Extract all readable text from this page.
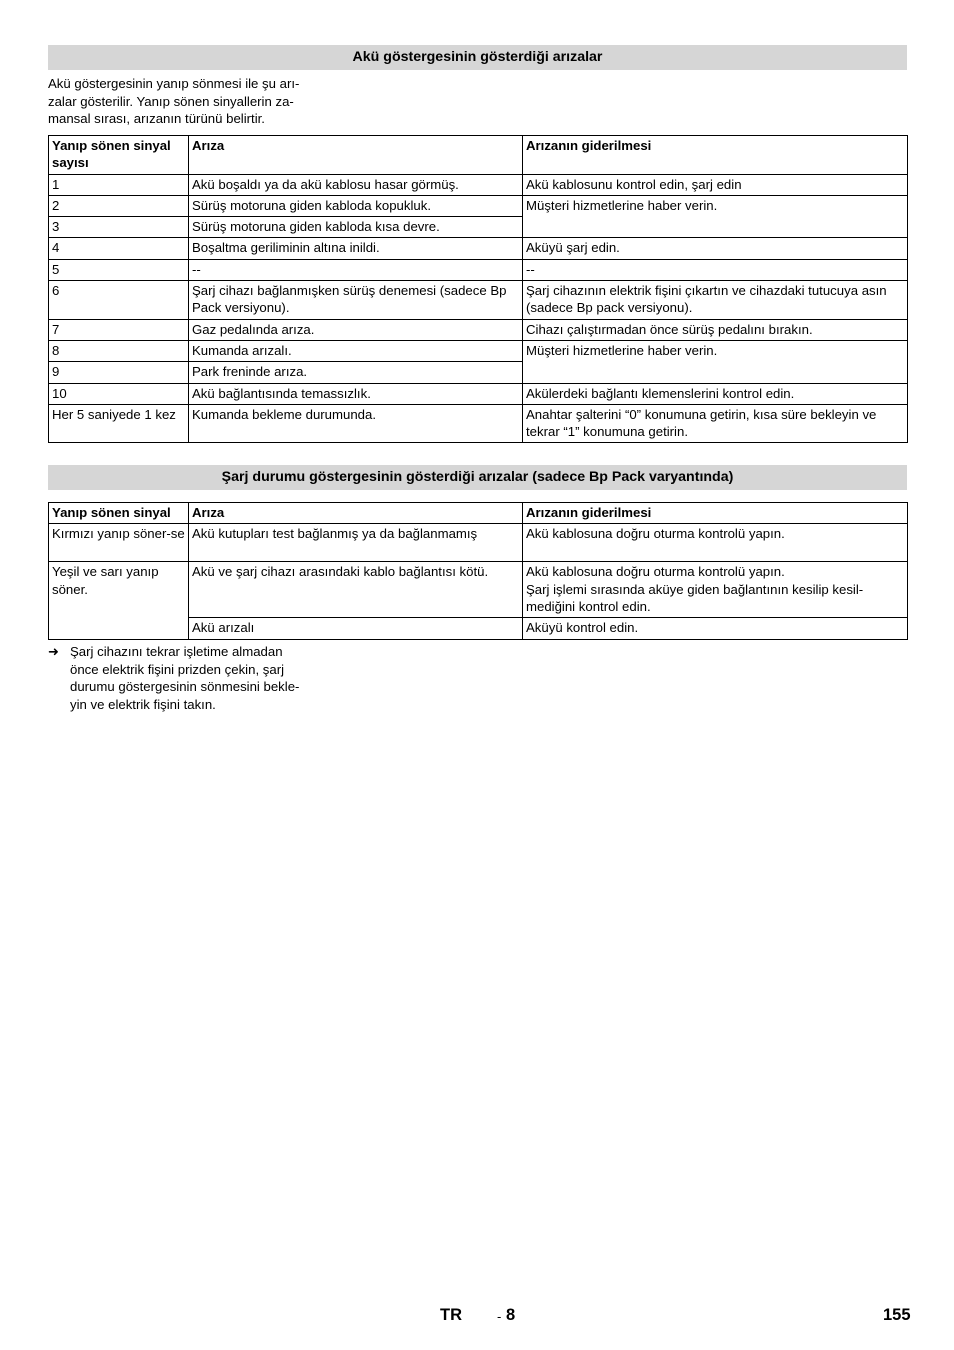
Akü göstergesinin gösterdiği arızalar
Akü göstergesinin yanıp sönmesi ile şu arı-
zalar gösterilir. Yanıp sönen sinyallerin za-
mansal sırası, arızanın türünü belirtir.
Yanıp sönen sinyal sayısı	Arıza	Arızanın giderilmesi
1	Akü boşaldı ya da akü kablosu hasar görmüş.	Akü kablosunu kontrol edin, şarj edin
2	Sürüş motoruna giden kabloda kopukluk.	Müşteri hizmetlerine haber verin.
3	Sürüş motoruna giden kabloda kısa devre.	
4	Boşaltma geriliminin altına inildi.	Aküyü şarj edin.
5	--	--
6	Şarj cihazı bağlanmışken sürüş denemesi (sadece Bp Pack versiyonu).	Şarj cihazının elektrik fişini çıkartın ve cihazdaki tutucuya asın (sadece Bp pack versiyonu).
7	Gaz pedalında arıza.	Cihazı çalıştırmadan önce sürüş pedalını bırakın.
8	Kumanda arızalı.	Müşteri hizmetlerine haber verin.
9	Park freninde arıza.	
10	Akü bağlantısında temassızlık.	Akülerdeki bağlantı klemenslerini kontrol edin.
Her 5 saniyede 1 kez	Kumanda bekleme durumunda.	Anahtar şalterini “0” konumuna getirin, kısa süre bekleyin ve tekrar “1” konumuna getirin.
Şarj durumu göstergesinin gösterdiği arızalar (sadece Bp Pack varyantında)
Yanıp sönen sinyal	Arıza	Arızanın giderilmesi
Kırmızı yanıp söner-se	Akü kutupları test bağlanmış ya da bağlanmamış	Akü kablosuna doğru oturma kontrolü yapın.
Yeşil ve sarı yanıp söner.	Akü ve şarj cihazı arasındaki kablo bağlantısı kötü.	Akü kablosuna doğru oturma kontrolü yapın.
Şarj işlemi sırasında aküye giden bağlantının kesilip kesil-mediğini kontrol edin.

	Akü arızalı	Aküyü kontrol edin.
➜ Şarj cihazını tekrar işletime almadan
önce elektrik fişini prizden çekin, şarj
durumu göstergesinin sönmesini bekle-
yin ve elektrik fişini takın.
TR	- 8	155
